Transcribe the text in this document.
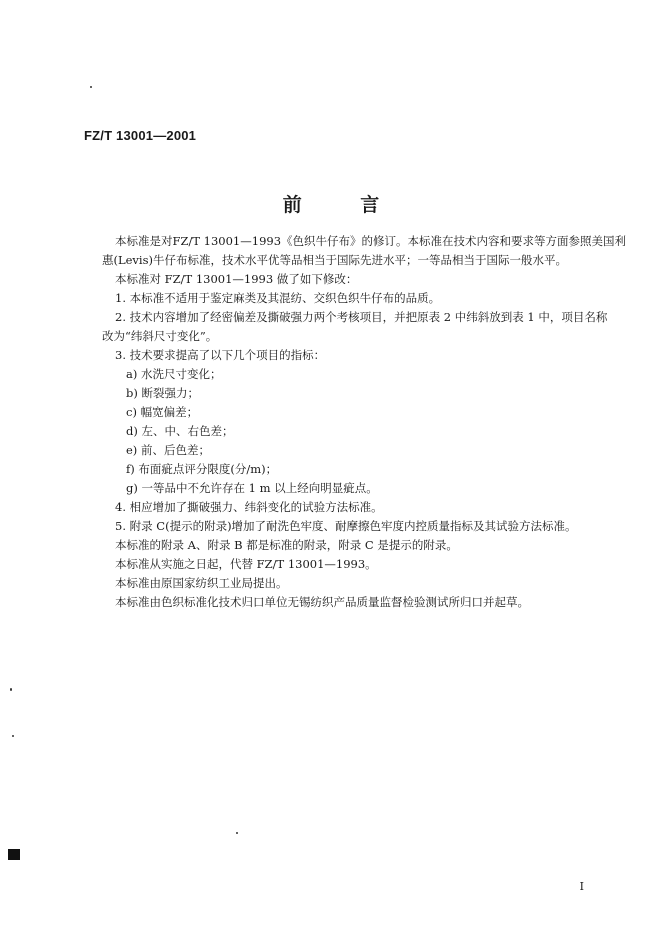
FZ/T 13001—2001
前 言

本标准是对FZ/T 13001—1993《色织牛仔布》的修订。本标准在技术内容和要求等方面参照美国利

惠(Levis)牛仔布标准，技术水平优等品相当于国际先进水平；一等品相当于国际一般水平。

本标准对 FZ/T 13001—1993 做了如下修改：

1. 本标准不适用于鉴定麻类及其混纺、交织色织牛仔布的品质。

2. 技术内容增加了经密偏差及撕破强力两个考核项目，并把原表 2 中纬斜放到表 1 中，项目名称

改为“纬斜尺寸变化”。

3. 技术要求提高了以下几个项目的指标：

a) 水洗尺寸变化；

b) 断裂强力；

c) 幅宽偏差；

d) 左、中、右色差；

e) 前、后色差；

f) 布面疵点评分限度(分/m)；

g) 一等品中不允许存在 1 m 以上经向明显疵点。

4. 相应增加了撕破强力、纬斜变化的试验方法标准。

5. 附录 C(提示的附录)增加了耐洗色牢度、耐摩擦色牢度内控质量指标及其试验方法标准。

本标准的附录 A、附录 B 都是标准的附录，附录 C 是提示的附录。

本标准从实施之日起，代替 FZ/T 13001—1993。

本标准由原国家纺织工业局提出。

本标准由色织标准化技术归口单位无锡纺织产品质量监督检验测试所归口并起草。

I
